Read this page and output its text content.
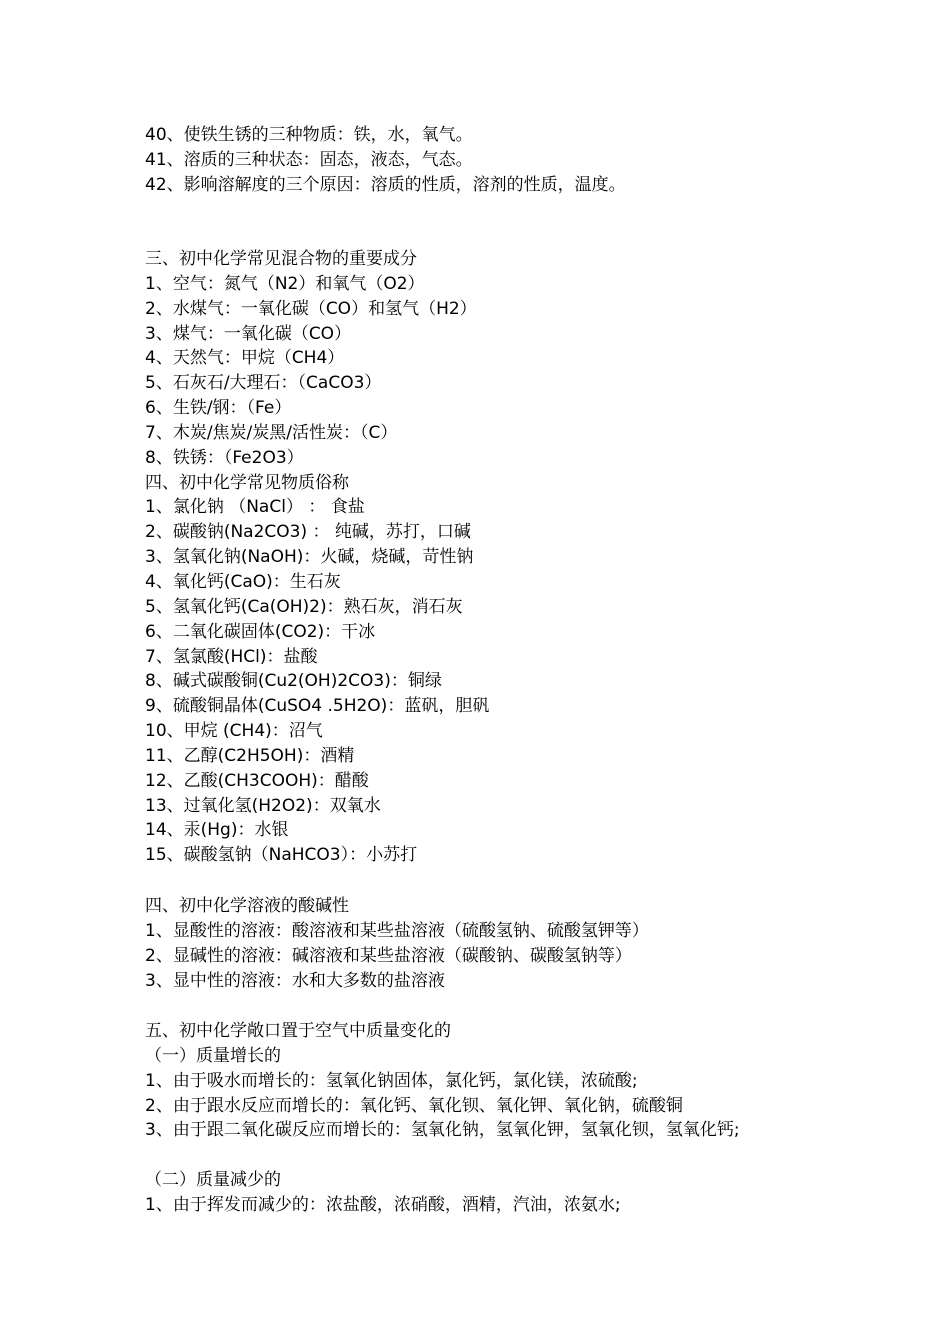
40、使铁生锈的三种物质：铁，水，氧气。
41、溶质的三种状态：固态，液态，气态。
42、影响溶解度的三个原因：溶质的性质，溶剂的性质，温度。
三、初中化学常见混合物的重要成分
1、空气：氮气（N2）和氧气（O2）
2、水煤气：一氧化碳（CO）和氢气（H2）
3、煤气：一氧化碳（CO）
4、天然气：甲烷（CH4）
5、石灰石/大理石：（CaCO3）
6、生铁/钢：（Fe）
7、木炭/焦炭/炭黑/活性炭：（C）
8、铁锈：（Fe2O3）
四、初中化学常见物质俗称
1、氯化钠 （NaCl） ： 食盐
2、碳酸钠(Na2CO3) ： 纯碱，苏打，口碱
3、氢氧化钠(NaOH)：火碱，烧碱，苛性钠
4、氧化钙(CaO)：生石灰
5、氢氧化钙(Ca(OH)2)：熟石灰，消石灰
6、二氧化碳固体(CO2)：干冰
7、氢氯酸(HCl)：盐酸
8、碱式碳酸铜(Cu2(OH)2CO3)：铜绿
9、硫酸铜晶体(CuSO4 .5H2O)：蓝矾，胆矾
10、甲烷 (CH4)：沼气
11、乙醇(C2H5OH)：酒精
12、乙酸(CH3COOH)：醋酸
13、过氧化氢(H2O2)：双氧水
14、汞(Hg)：水银
15、碳酸氢钠（NaHCO3）：小苏打
四、初中化学溶液的酸碱性
1、显酸性的溶液：酸溶液和某些盐溶液（硫酸氢钠、硫酸氢钾等）
2、显碱性的溶液：碱溶液和某些盐溶液（碳酸钠、碳酸氢钠等）
3、显中性的溶液：水和大多数的盐溶液
五、初中化学敞口置于空气中质量变化的
（一）质量增长的
1、由于吸水而增长的：氢氧化钠固体，氯化钙，氯化镁，浓硫酸;
2、由于跟水反应而增长的：氧化钙、氧化钡、氧化钾、氧化钠，硫酸铜
3、由于跟二氧化碳反应而增长的：氢氧化钠，氢氧化钾，氢氧化钡，氢氧化钙;
（二）质量减少的
1、由于挥发而减少的：浓盐酸，浓硝酸，酒精，汽油，浓氨水;
